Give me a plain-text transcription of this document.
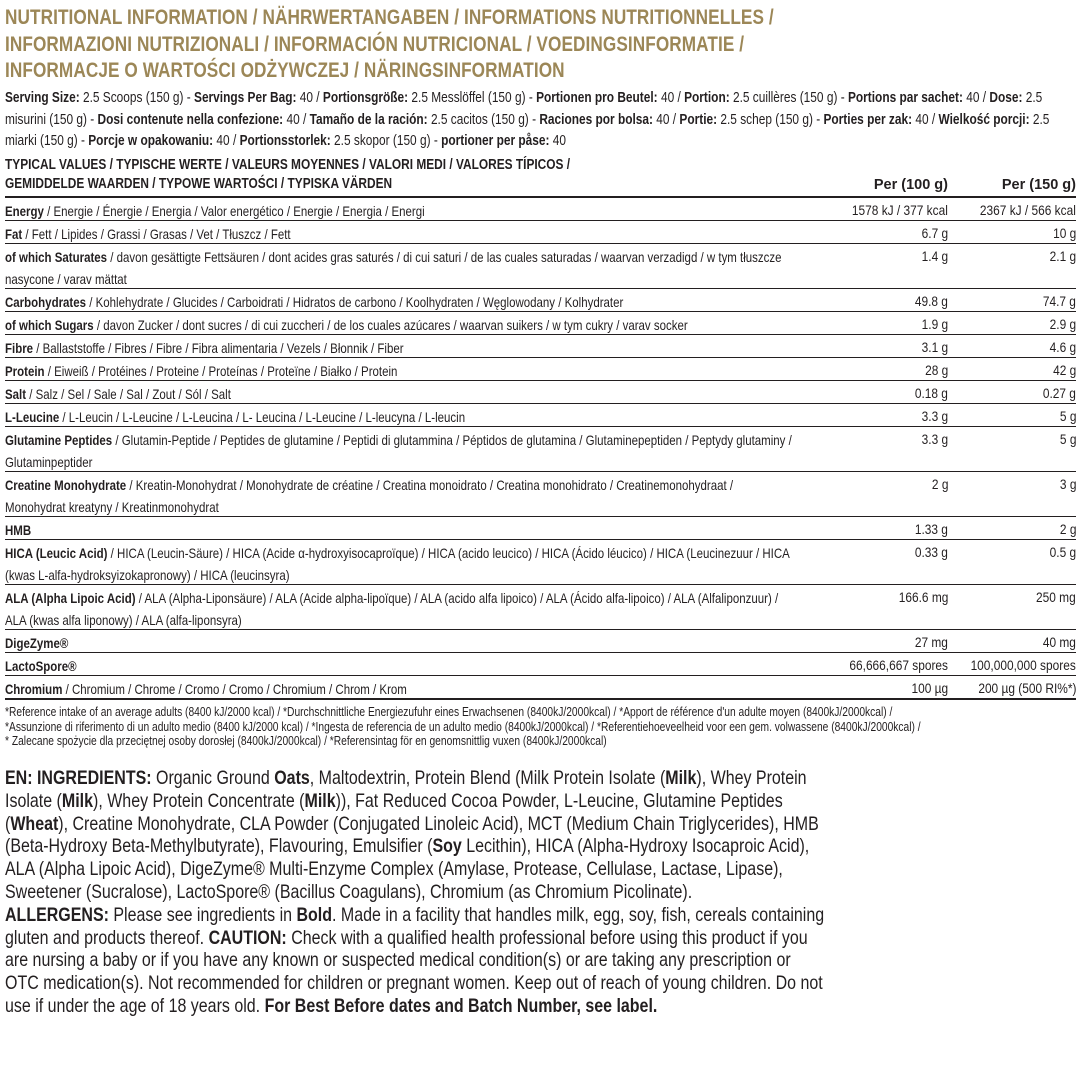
NUTRITIONAL INFORMATION / NÄHRWERTANGABEN / INFORMATIONS NUTRITIONNELLES /
INFORMAZIONI NUTRIZIONALI / INFORMACIÓN NUTRICIONAL / VOEDINGSINFORMATIE /
INFORMACJE O WARTOŚCI ODŻYWCZEJ / NÄRINGSINFORMATION
Serving Size: 2.5 Scoops (150 g) - Servings Per Bag: 40 / Portionsgröße: 2.5 Messlöffel (150 g) - Portionen pro Beutel: 40 / Portion: 2.5 cuillères (150 g) - Portions par sachet: 40 / Dose: 2.5 misurini (150 g) - Dosi contenute nella confezione: 40 / Tamaño de la ración: 2.5 cacitos (150 g) - Raciones por bolsa: 40 / Portie: 2.5 schep (150 g) - Porties per zak: 40 / Wielkość porcji: 2.5 miarki (150 g) - Porcje w opakowaniu: 40 / Portionsstorlek: 2.5 skopor (150 g) - portioner per påse: 40
TYPICAL VALUES / TYPISCHE WERTE / VALEURS MOYENNES / VALORI MEDI / VALORES TÍPICOS /
GEMIDDELDE WAARDEN / TYPOWE WARTOŚCI / TYPISKA VÄRDEN	Per (100 g)	Per (150 g)
Energy / Energie / Énergie / Energia / Valor energético / Energie / Energia / Energi	1578 kJ / 377 kcal 2367 kJ / 566 kcal
Fat / Fett / Lipides / Grassi / Grasas / Vet / Tłuszcz / Fett	6.7 g	10 g
of which Saturates / davon gesättigte Fettsäuren / dont acides gras saturés / di cui saturi / de las cuales saturadas / waarvan verzadigd / w tym tłuszcze nasycone / varav mättat
1.4 g	2.1 g
Carbohydrates / Kohlehydrate / Glucides / Carboidrati / Hidratos de carbono / Koolhydraten / Węglowodany / Kolhydrater	49.8 g	74.7 g
of which Sugars / davon Zucker / dont sucres / di cui zuccheri / de los cuales azúcares / waarvan suikers / w tym cukry / varav socker	1.9 g	2.9 g
Fibre / Ballaststoffe / Fibres / Fibre / Fibra alimentaria / Vezels / Błonnik / Fiber	3.1 g	4.6 g
Protein / Eiweiß / Protéines / Proteine / Proteínas / Proteïne / Białko / Protein	28 g	42 g
Salt / Salz / Sel / Sale / Sal / Zout / Sól / Salt	0.18 g	0.27 g
L-Leucine / L-Leucin / L-Leucine / L-Leucina / L- Leucina / L-Leucine / L-leucyna / L-leucin	3.3 g	5 g
Glutamine Peptides / Glutamin-Peptide / Peptides de glutamine / Peptidi di glutammina / Péptidos de glutamina / Glutaminepeptiden / Peptydy glutaminy / Glutaminpeptider
3.3 g	5 g
Creatine Monohydrate / Kreatin-Monohydrat / Monohydrate de créatine / Creatina monoidrato / Creatina monohidrato / Creatinemonohydraat / Monohydrat kreatyny / Kreatinmonohydrat
2 g	3 g
HMB	1.33 g	2 g
HICA (Leucic Acid) / HICA (Leucin-Säure) / HICA (Acide α-hydroxyisocaproïque) / HICA (acido leucico) / HICA (Ácido léucico) / HICA (Leucinezuur / HICA (kwas L-alfa-hydroksyizokapronowy) / HICA (leucinsyra)
0.33 g	0.5 g
ALA (Alpha Lipoic Acid) / ALA (Alpha-Liponsäure) / ALA (Acide alpha-lipoïque) / ALA (acido alfa lipoico) / ALA (Ácido alfa-lipoico) / ALA (Alfaliponzuur) / ALA (kwas alfa liponowy) / ALA (alfa-liponsyra)
166.6 mg	250 mg
DigeZyme®	27 mg	40 mg
LactoSpore®	66,666,667 spores 100,000,000 spores
Chromium / Chromium / Chrome / Cromo / Cromo / Chromium / Chrom / Krom	100 µg 200 µg (500 RI%*)
*Reference intake of an average adults (8400 kJ/2000 kcal) / *Durchschnittliche Energiezufuhr eines Erwachsenen (8400kJ/2000kcal) / *Apport de référence d'un adulte moyen (8400kJ/2000kcal) /
*Assunzione di riferimento di un adulto medio (8400 kJ/2000 kcal) / *Ingesta de referencia de un adulto medio (8400kJ/2000kcal) / *Referentiehoeveelheid voor een gem. volwassene (8400kJ/2000kcal) /
* Zalecane spożycie dla przeciętnej osoby dorosłej (8400kJ/2000kcal) / *Referensintag för en genomsnittlig vuxen (8400kJ/2000kcal)

EN: INGREDIENTS: Organic Ground Oats, Maltodextrin, Protein Blend (Milk Protein Isolate (Milk), Whey Protein Isolate (Milk), Whey Protein Concentrate (Milk)), Fat Reduced Cocoa Powder, L-Leucine, Glutamine Peptides (Wheat), Creatine Monohydrate, CLA Powder (Conjugated Linoleic Acid), MCT (Medium Chain Triglycerides), HMB (Beta-Hydroxy Beta-Methylbutyrate), Flavouring, Emulsifier (Soy Lecithin), HICA (Alpha-Hydroxy Isocaproic Acid), ALA (Alpha Lipoic Acid), DigeZyme® Multi-Enzyme Complex (Amylase, Protease, Cellulase, Lactase, Lipase), Sweetener (Sucralose), LactoSpore® (Bacillus Coagulans), Chromium (as Chromium Picolinate).

ALLERGENS: Please see ingredients in Bold. Made in a facility that handles milk, egg, soy, fish, cereals containing gluten and products thereof. CAUTION: Check with a qualified health professional before using this product if you are nursing a baby or if you have any known or suspected medical condition(s) or are taking any prescription or OTC medication(s). Not recommended for children or pregnant women. Keep out of reach of young children. Do not use if under the age of 18 years old. For Best Before dates and Batch Number, see label.
